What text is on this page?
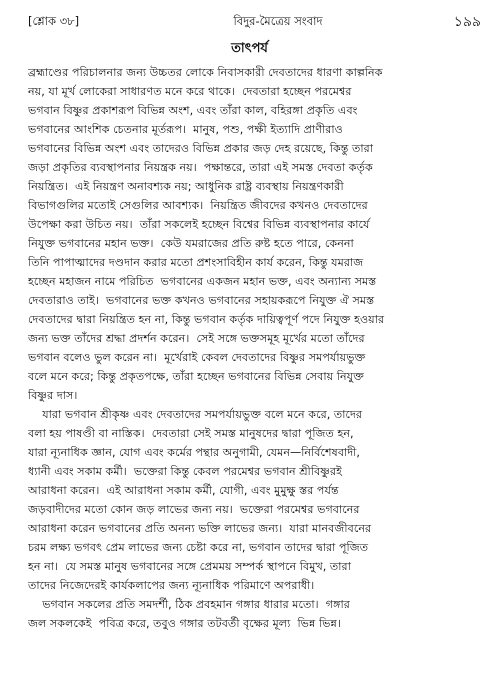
[শ্লোক ৩৮]	বিদুর-মৈত্রেয় সংবাদ	১৯৯
তাৎপর্য
ব্রহ্মাণ্ডের পরিচালনার জন্য উচ্চতর লোকে নিবাসকারী দেবতাদের ধারণা কাল্পনিক
নয়, যা মূর্খ লোকেরা সাধারণত মনে করে থাকে।  দেবতারা হচ্ছেন পরমেশ্বর
ভগবান বিষ্ণুর প্রকাশরূপ বিভিন্ন অংশ, এবং তাঁরা কাল, বহিরঙ্গা প্রকৃতি এবং
ভগবানের আংশিক চেতনার মূর্তরূপ।  মানুষ, পশু, পক্ষী ইত্যাদি প্রাণীরাও
ভগবানের বিভিন্ন অংশ এবং তাদেরও বিভিন্ন প্রকার জড় দেহ রয়েছে, কিন্তু তারা
জড়া প্রকৃতির ব্যবস্থাপনার নিয়ন্ত্রক নয়।  পক্ষান্তরে, তারা এই সমস্ত দেবতা কর্তৃক
নিয়ন্ত্রিত।  এই নিয়ন্ত্রণ অনাবশ্যক নয়; আধুনিক রাষ্ট্র ব্যবস্থায় নিয়ন্ত্রণকারী
বিভাগগুলির মতোই সেগুলির আবশ্যক।  নিয়ন্ত্রিত জীবদের কখনও দেবতাদের
উপেক্ষা করা উচিত নয়।  তাঁরা সকলেই হচ্ছেন বিশ্বের বিভিন্ন ব্যবস্থাপনার কার্যে
নিযুক্ত ভগবানের মহান ভক্ত।  কেউ যমরাজের প্রতি রুষ্ট হতে পারে, কেননা
তিনি পাপাত্মাদের দণ্ডদান করার মতো প্রশংসাবিহীন কার্য করেন, কিন্তু যমরাজ
হচ্ছেন মহাজন নামে পরিচিত  ভগবানের একজন মহান ভক্ত, এবং অন্যান্য সমস্ত
দেবতারাও তাই।  ভগবানের ভক্ত কখনও ভগবানের সহায়করূপে নিযুক্ত ঐ সমস্ত
দেবতাদের দ্বারা নিয়ন্ত্রিত হন না, কিন্তু ভগবান কর্তৃক দায়িত্বপূর্ণ পদে নিযুক্ত হওয়ার
জন্য ভক্ত তাঁদের শ্রদ্ধা প্রদর্শন করেন।  সেই সঙ্গে ভক্তসমূহ মূর্খের মতো তাঁদের
ভগবান বলেও ভুল করেন না।  মূর্খেরাই কেবল দেবতাদের বিষ্ণুর সমপর্যায়ভুক্ত
বলে মনে করে; কিন্তু প্রকৃতপক্ষে, তাঁরা হচ্ছেন ভগবানের বিভিন্ন সেবায় নিযুক্ত
বিষ্ণুর দাস।
যারা ভগবান শ্রীকৃষ্ণ এবং দেবতাদের সমপর্যায়ভুক্ত বলে মনে করে, তাদের
বলা হয় পাষণ্ডী বা নাস্তিক।  দেবতারা সেই সমস্ত মানুষদের দ্বারা পূজিত হন,
যারা ন্যূনাধিক জ্ঞান, যোগ এবং কর্মের পন্থার অনুগামী, যেমন—নির্বিশেষবাদী,
ধ্যানী এবং সকাম কর্মী।  ভক্তেরা কিন্তু কেবল পরমেশ্বর ভগবান শ্রীবিষ্ণুরই
আরাধনা করেন।  এই আরাধনা সকাম কর্মী, যোগী, এবং মুমুক্ষু স্তর পর্যন্ত
জড়বাদীদের মতো কোন জড় লাভের জন্য নয়।  ভক্তেরা পরমেশ্বর ভগবানের
আরাধনা করেন ভগবানের প্রতি অনন্য ভক্তি লাভের জন্য।  যারা মানবজীবনের
চরম লক্ষ্য ভগবৎ প্রেম লাভের জন্য চেষ্টা করে না, ভগবান তাদের দ্বারা পূজিত
হন না।  যে সমস্ত মানুষ ভগবানের সঙ্গে প্রেমময় সম্পর্ক স্থাপনে বিমুখ, তারা
তাদের নিজেদেরই কার্যকলাপের জন্য ন্যূনাধিক পরিমাণে অপরাধী।
ভগবান সকলের প্রতি সমদর্শী, ঠিক প্রবহমান গঙ্গার ধারার মতো।  গঙ্গার
জল সকলকেই  পবিত্র করে, তবুও গঙ্গার তটবর্তী বৃক্ষের মূল্য  ভিন্ন ভিন্ন।
